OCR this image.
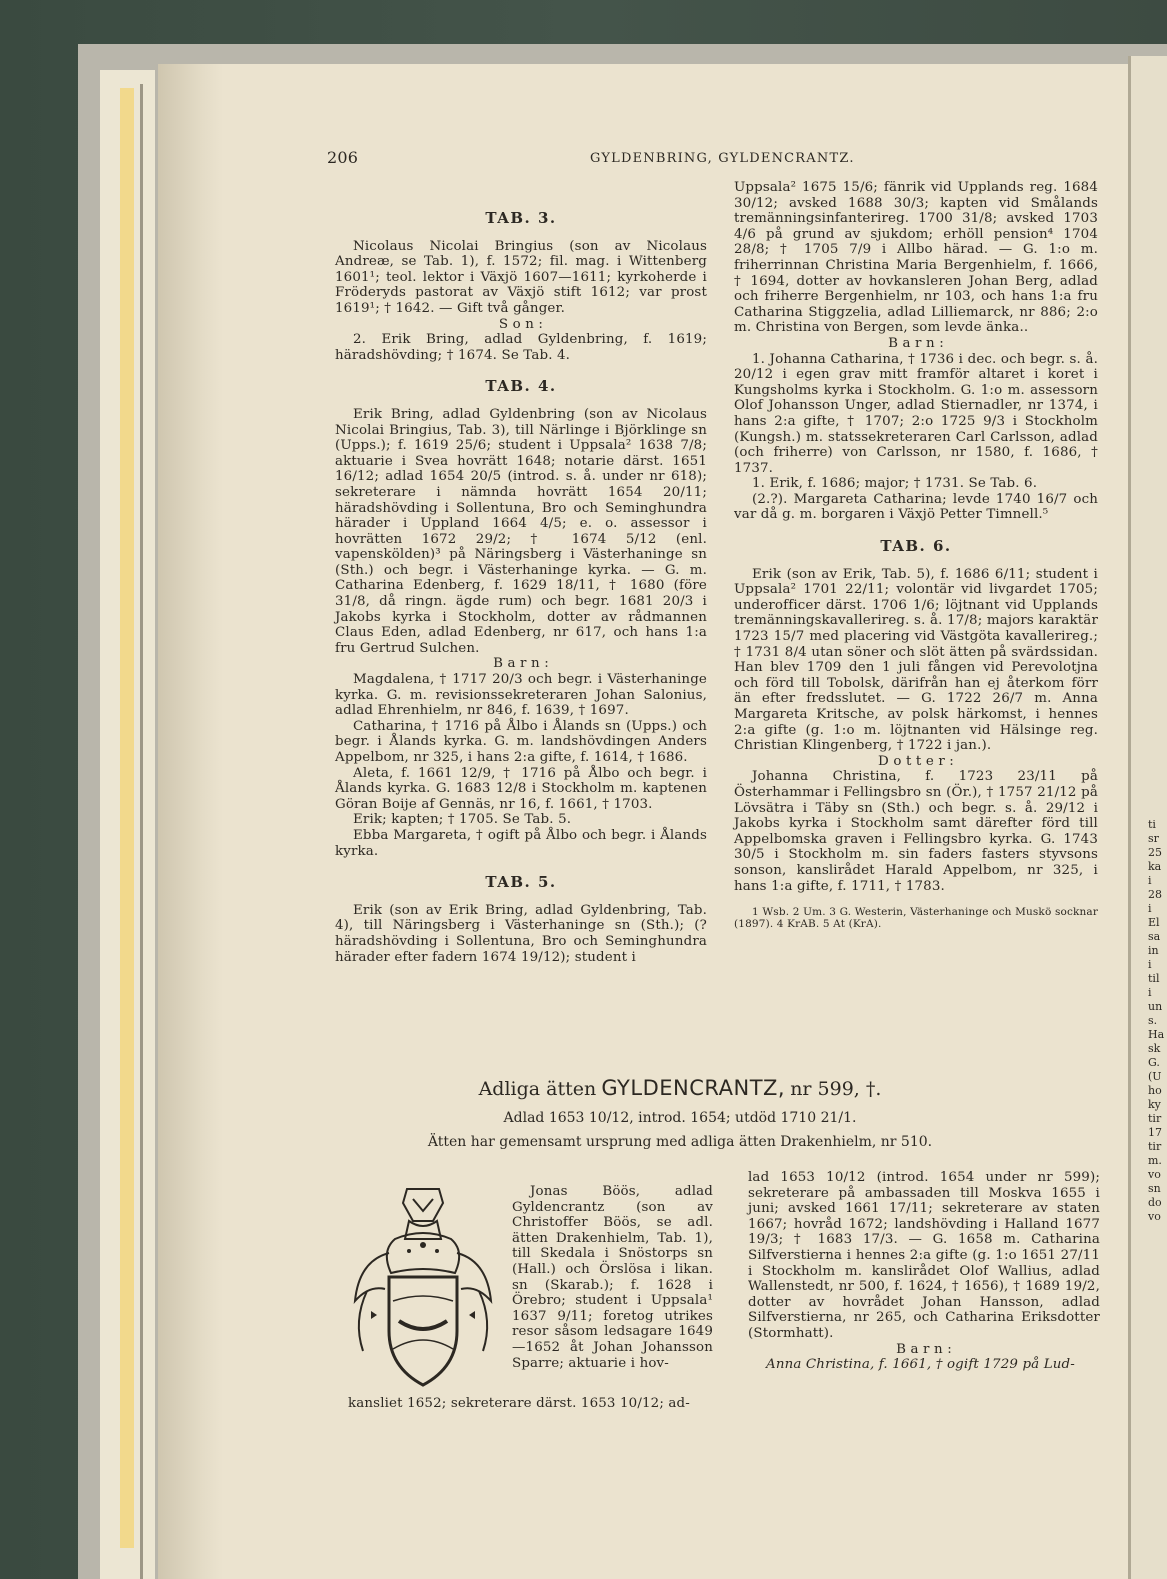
206	GYLDENBRING, GYLDENCRANTZ.
TAB. 3.

Nicolaus Nicolai Bringius (son av Nicolaus Andreæ, se Tab. 1), f. 1572; fil. mag. i Wittenberg 1601¹; teol. lektor i Växjö 1607—1611; kyrkoherde i Fröderyds pastorat av Växjö stift 1612; var prost 1619¹; † 1642. — Gift två gånger.

S o n :

2. Erik Bring, adlad Gyldenbring, f. 1619; häradshövding; † 1674. Se Tab. 4.

TAB. 4.

Erik Bring, adlad Gyldenbring (son av Nicolaus Nicolai Bringius, Tab. 3), till Närlinge i Björklinge sn (Upps.); f. 1619 25/6; student i Uppsala² 1638 7/8; aktuarie i Svea hovrätt 1648; notarie därst. 1651 16/12; adlad 1654 20/5 (introd. s. å. under nr 618); sekreterare i nämnda hovrätt 1654 20/11; häradshövding i Sollentuna, Bro och Seminghundra härader i Uppland 1664 4/5; e. o. assessor i hovrätten 1672 29/2; † 1674 5/12 (enl. vapenskölden)³ på Näringsberg i Västerhaninge sn (Sth.) och begr. i Västerhaninge kyrka. — G. m. Catharina Edenberg, f. 1629 18/11, † 1680 (före 31/8, då ringn. ägde rum) och begr. 1681 20/3 i Jakobs kyrka i Stockholm, dotter av rådmannen Claus Eden, adlad Edenberg, nr 617, och hans 1:a fru Gertrud Sulchen.

B a r n :

Magdalena, † 1717 20/3 och begr. i Västerhaninge kyrka. G. m. revisionssekreteraren Johan Salonius, adlad Ehrenhielm, nr 846, f. 1639, † 1697.

Catharina, † 1716 på Ålbo i Ålands sn (Upps.) och begr. i Ålands kyrka. G. m. landshövdingen Anders Appelbom, nr 325, i hans 2:a gifte, f. 1614, † 1686.

Aleta, f. 1661 12/9, † 1716 på Ålbo och begr. i Ålands kyrka. G. 1683 12/8 i Stockholm m. kaptenen Göran Boije af Gennäs, nr 16, f. 1661, † 1703.

Erik; kapten; † 1705. Se Tab. 5.

Ebba Margareta, † ogift på Ålbo och begr. i Ålands kyrka.

TAB. 5.

Erik (son av Erik Bring, adlad Gyldenbring, Tab. 4), till Näringsberg i Västerhaninge sn (Sth.); (? häradshövding i Sollentuna, Bro och Seminghundra härader efter fadern 1674 19/12); student i

Uppsala² 1675 15/6; fänrik vid Upplands reg. 1684 30/12; avsked 1688 30/3; kapten vid Smålands tremänningsinfanterireg. 1700 31/8; avsked 1703 4/6 på grund av sjukdom; erhöll pension⁴ 1704 28/8; † 1705 7/9 i Allbo härad. — G. 1:o m. friherrinnan Christina Maria Bergenhielm, f. 1666, † 1694, dotter av hovkansleren Johan Berg, adlad och friherre Bergenhielm, nr 103, och hans 1:a fru Catharina Stiggzelia, adlad Lilliemarck, nr 886; 2:o m. Christina von Bergen, som levde änka..

B a r n :

1. Johanna Catharina, † 1736 i dec. och begr. s. å. 20/12 i egen grav mitt framför altaret i koret i Kungsholms kyrka i Stockholm. G. 1:o m. assessorn Olof Johansson Unger, adlad Stiernadler, nr 1374, i hans 2:a gifte, † 1707; 2:o 1725 9/3 i Stockholm (Kungsh.) m. statssekreteraren Carl Carlsson, adlad (och friherre) von Carlsson, nr 1580, f. 1686, † 1737.

1. Erik, f. 1686; major; † 1731. Se Tab. 6.

(2.?). Margareta Catharina; levde 1740 16/7 och var då g. m. borgaren i Växjö Petter Timnell.⁵

TAB. 6.

Erik (son av Erik, Tab. 5), f. 1686 6/11; student i Uppsala² 1701 22/11; volontär vid livgardet 1705; underofficer därst. 1706 1/6; löjtnant vid Upplands tremänningskavallerireg. s. å. 17/8; majors karaktär 1723 15/7 med placering vid Västgöta kavallerireg.; † 1731 8/4 utan söner och slöt ätten på svärdssidan. Han blev 1709 den 1 juli fången vid Perevolotjna och förd till Tobolsk, därifrån han ej återkom förr än efter fredsslutet. — G. 1722 26/7 m. Anna Margareta Kritsche, av polsk härkomst, i hennes 2:a gifte (g. 1:o m. löjtnanten vid Hälsinge reg. Christian Klingenberg, † 1722 i jan.).

D o t t e r :

Johanna Christina, f. 1723 23/11 på Österhammar i Fellingsbro sn (Ör.), † 1757 21/12 på Lövsätra i Täby sn (Sth.) och begr. s. å. 29/12 i Jakobs kyrka i Stockholm samt därefter förd till Appelbomska graven i Fellingsbro kyrka. G. 1743 30/5 i Stockholm m. sin faders fasters styvsons sonson, kanslirådet Harald Appelbom, nr 325, i hans 1:a gifte, f. 1711, † 1783.

1 Wsb. 2 Um. 3 G. Westerin, Västerhaninge och Muskö socknar (1897). 4 KrAB. 5 At (KrA).

Adliga ätten GYLDENCRANTZ, nr 599, †.
Adlad 1653 10/12, introd. 1654; utdöd 1710 21/1.
Ätten har gemensamt ursprung med adliga ätten Drakenhielm, nr 510.

Jonas Böös, adlad Gyldencrantz (son av Christoffer Böös, se adl. ätten Drakenhielm, Tab. 1), till Skedala i Snöstorps sn (Hall.) och Örslösa i likan. sn (Skarab.); f. 1628 i Örebro; student i Uppsala¹ 1637 9/11; foretog utrikes resor såsom ledsagare 1649—1652 åt Johan Johansson Sparre; aktuarie i hov-

kansliet 1652; sekreterare därst. 1653 10/12; ad-

lad 1653 10/12 (introd. 1654 under nr 599); sekreterare på ambassaden till Moskva 1655 i juni; avsked 1661 17/11; sekreterare av staten 1667; hovråd 1672; landshövding i Halland 1677 19/3; † 1683 17/3. — G. 1658 m. Catharina Silfverstierna i hennes 2:a gifte (g. 1:o 1651 27/11 i Stockholm m. kanslirådet Olof Wallius, adlad Wallenstedt, nr 500, f. 1624, † 1656), † 1689 19/2, dotter av hovrådet Johan Hansson, adlad Silfverstierna, nr 265, och Catharina Eriksdotter (Stormhatt).

B a r n :

Anna Christina, f. 1661, † ogift 1729 på Lud-

ti
sr
25
ka
i
28
i
El
sa
in
i
til
i
un
s.
Ha
sk
G.
(U
ho
ky
tir
17
tir
m.
vo
sn
do
vo
